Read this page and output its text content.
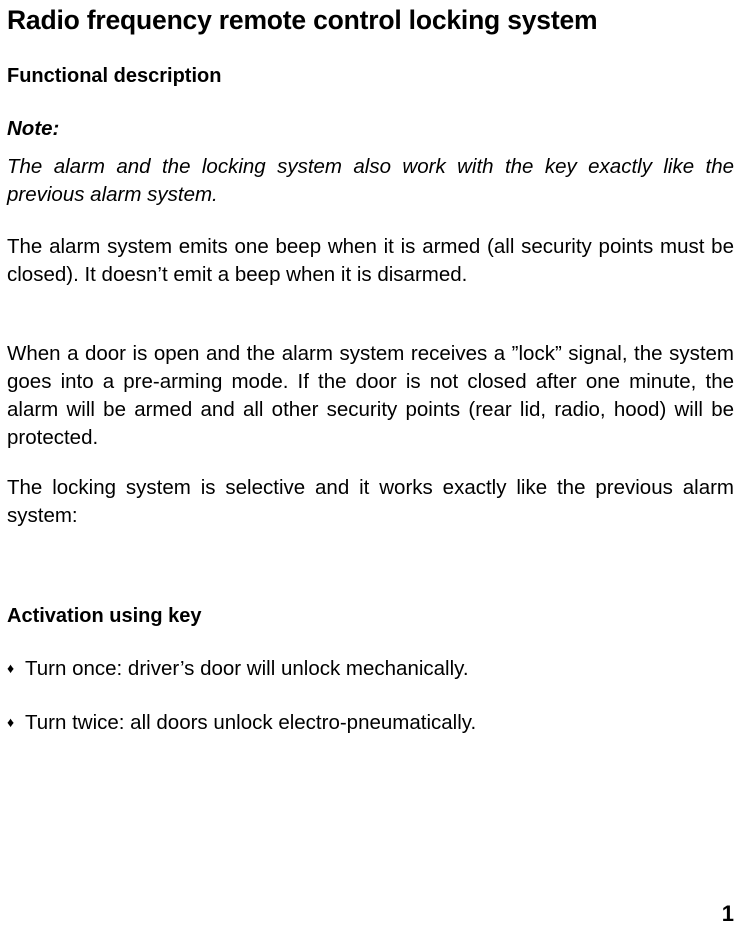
Radio frequency remote control locking system
Functional description

Note:

The alarm and the locking system also work with the key exactly like the previous alarm system.

The alarm system emits one beep when it is armed (all security points must be closed). It doesn’t emit a beep when it is disarmed.

When a door is open and the alarm system receives a ”lock” signal, the system goes into a pre-arming mode. If the door is not closed after one minute, the alarm will be armed and all other security points (rear lid, radio, hood) will be protected.

The locking system is selective and it works exactly like the previous alarm system:

Activation using key

♦ Turn once: driver’s door will unlock mechanically.

♦ Turn twice: all doors unlock electro-pneumatically.

1
